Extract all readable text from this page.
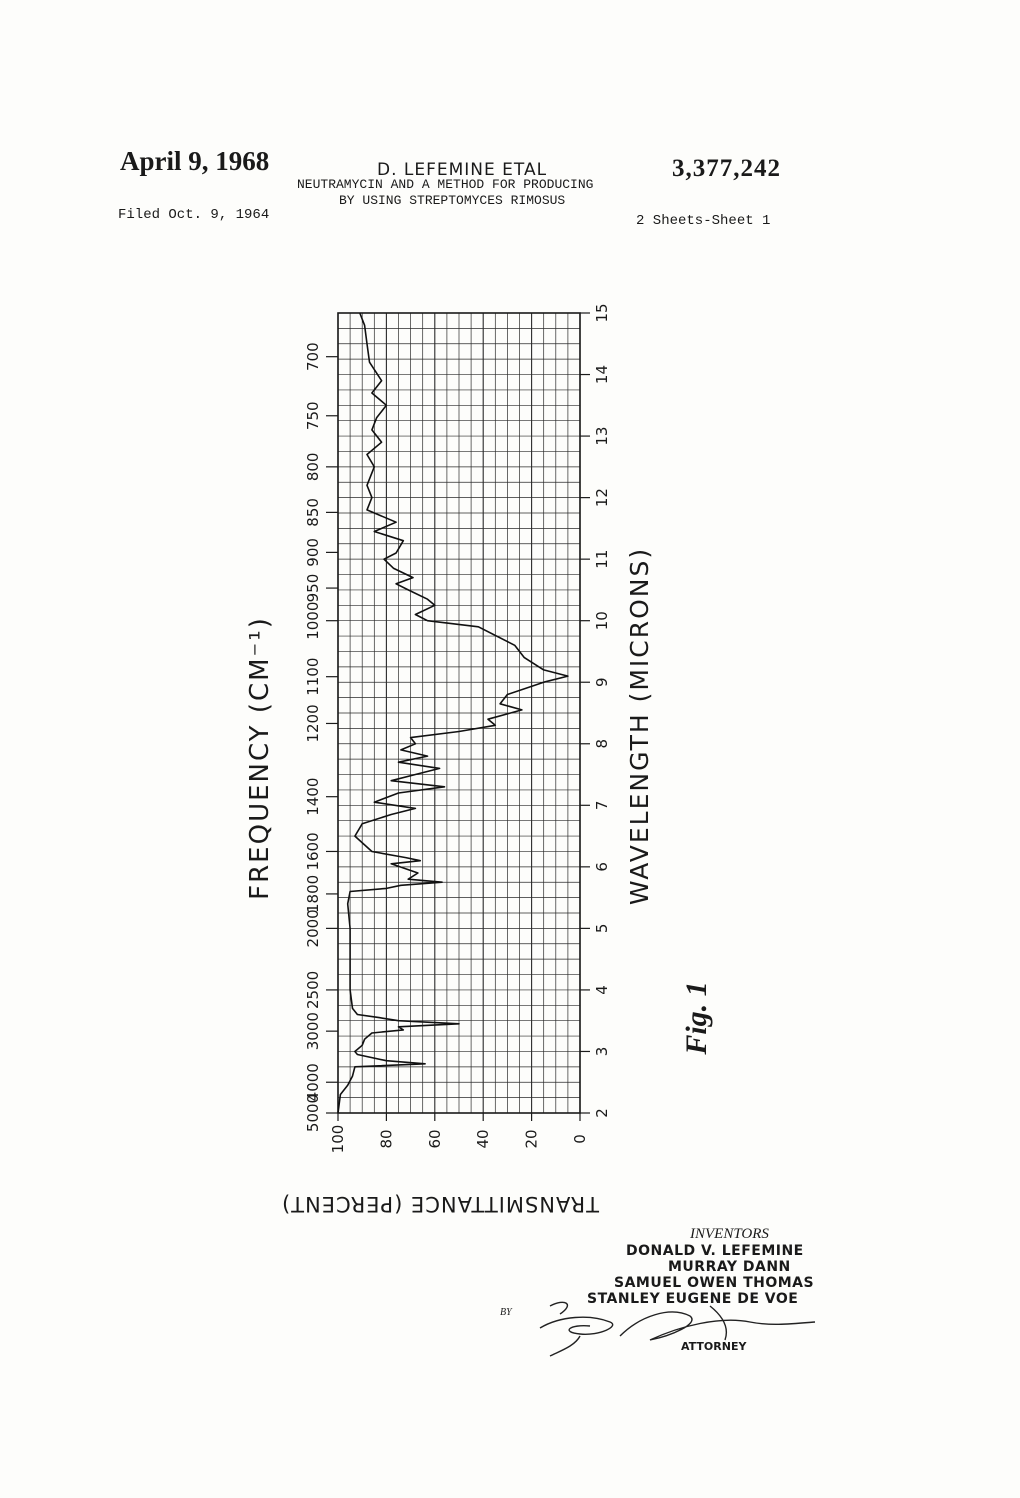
April 9, 1968	D. LEFEMINE ETAL	3,377,242
NEUTRAMYCIN AND A METHOD FOR PRODUCING
BY USING STREPTOMYCES RIMOSUS
Filed Oct. 9, 1964	2 Sheets-Sheet 1
5000
4000
3000
2500
2000
1800
1600
1400
1200
1100
1000
950
900
850
800
750
700
2
3
4
5
6
7
8
9
10
11
12
13
14
15
100 80 60 40 20 0
FREQUENCY (CM⁻¹)	WAVELENGTH (MICRONS)
TRANSMITTANCE (PERCENT)
Fig. 1
INVENTORS
DONALD V. LEFEMINE
MURRAY DANN
SAMUEL OWEN THOMAS
STANLEY EUGENE DE VOE
BY
ATTORNEY
